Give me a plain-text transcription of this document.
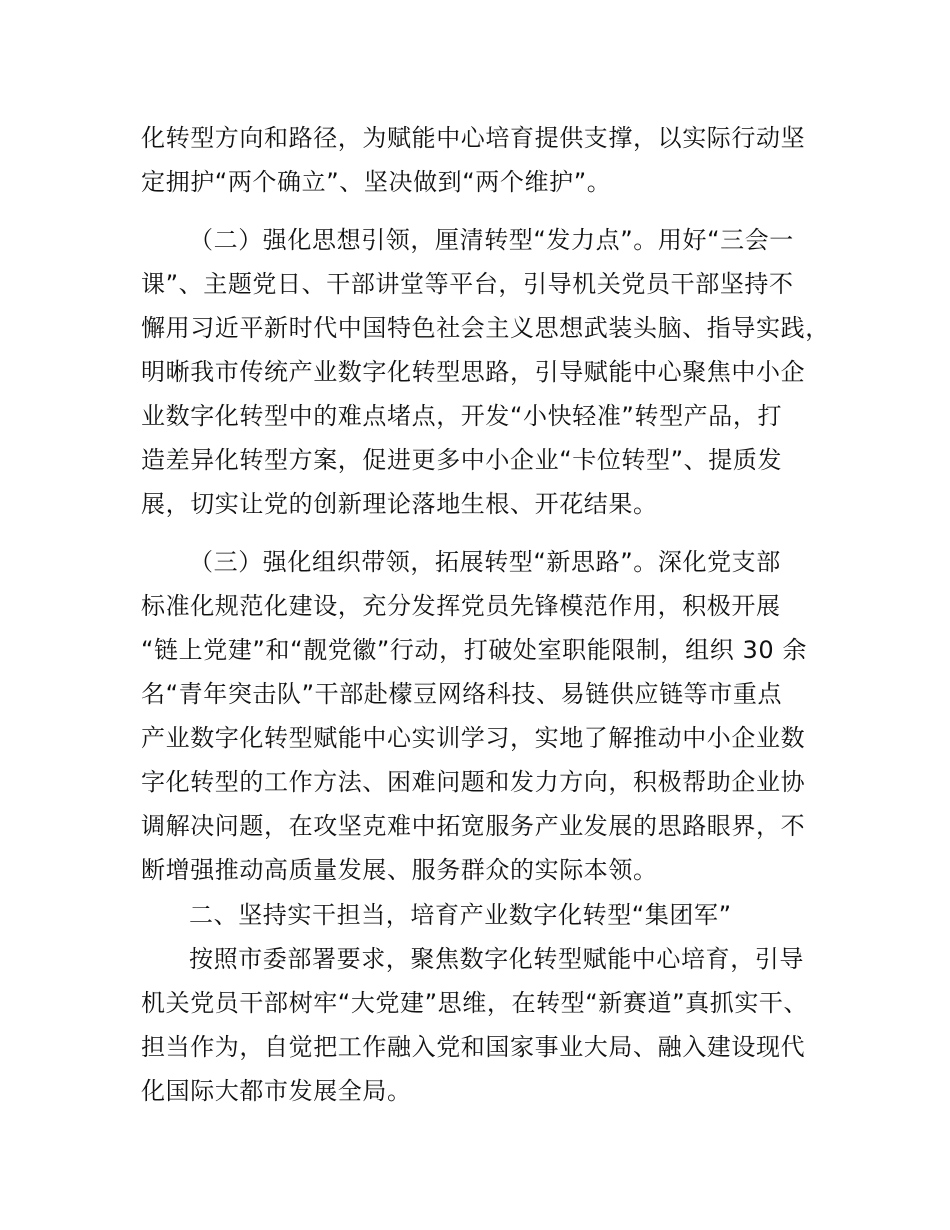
化转型方向和路径，为赋能中心培育提供支撑，以实际行动坚
定拥护“两个确立”、坚决做到“两个维护”。
（二）强化思想引领，厘清转型“发力点”。用好“三会一
课”、主题党日、干部讲堂等平台，引导机关党员干部坚持不
懈用习近平新时代中国特色社会主义思想武装头脑、指导实践，
明晰我市传统产业数字化转型思路，引导赋能中心聚焦中小企
业数字化转型中的难点堵点，开发“小快轻准”转型产品，打
造差异化转型方案，促进更多中小企业“卡位转型”、提质发
展，切实让党的创新理论落地生根、开花结果。
（三）强化组织带领，拓展转型“新思路”。深化党支部
标准化规范化建设，充分发挥党员先锋模范作用，积极开展
“链上党建”和“靓党徽”行动，打破处室职能限制，组织 30 余
名“青年突击队”干部赴檬豆网络科技、易链供应链等市重点
产业数字化转型赋能中心实训学习，实地了解推动中小企业数
字化转型的工作方法、困难问题和发力方向，积极帮助企业协
调解决问题，在攻坚克难中拓宽服务产业发展的思路眼界，不
断增强推动高质量发展、服务群众的实际本领。
二、坚持实干担当，培育产业数字化转型“集团军”
按照市委部署要求，聚焦数字化转型赋能中心培育，引导
机关党员干部树牢“大党建”思维，在转型“新赛道”真抓实干、
担当作为，自觉把工作融入党和国家事业大局、融入建设现代
化国际大都市发展全局。
